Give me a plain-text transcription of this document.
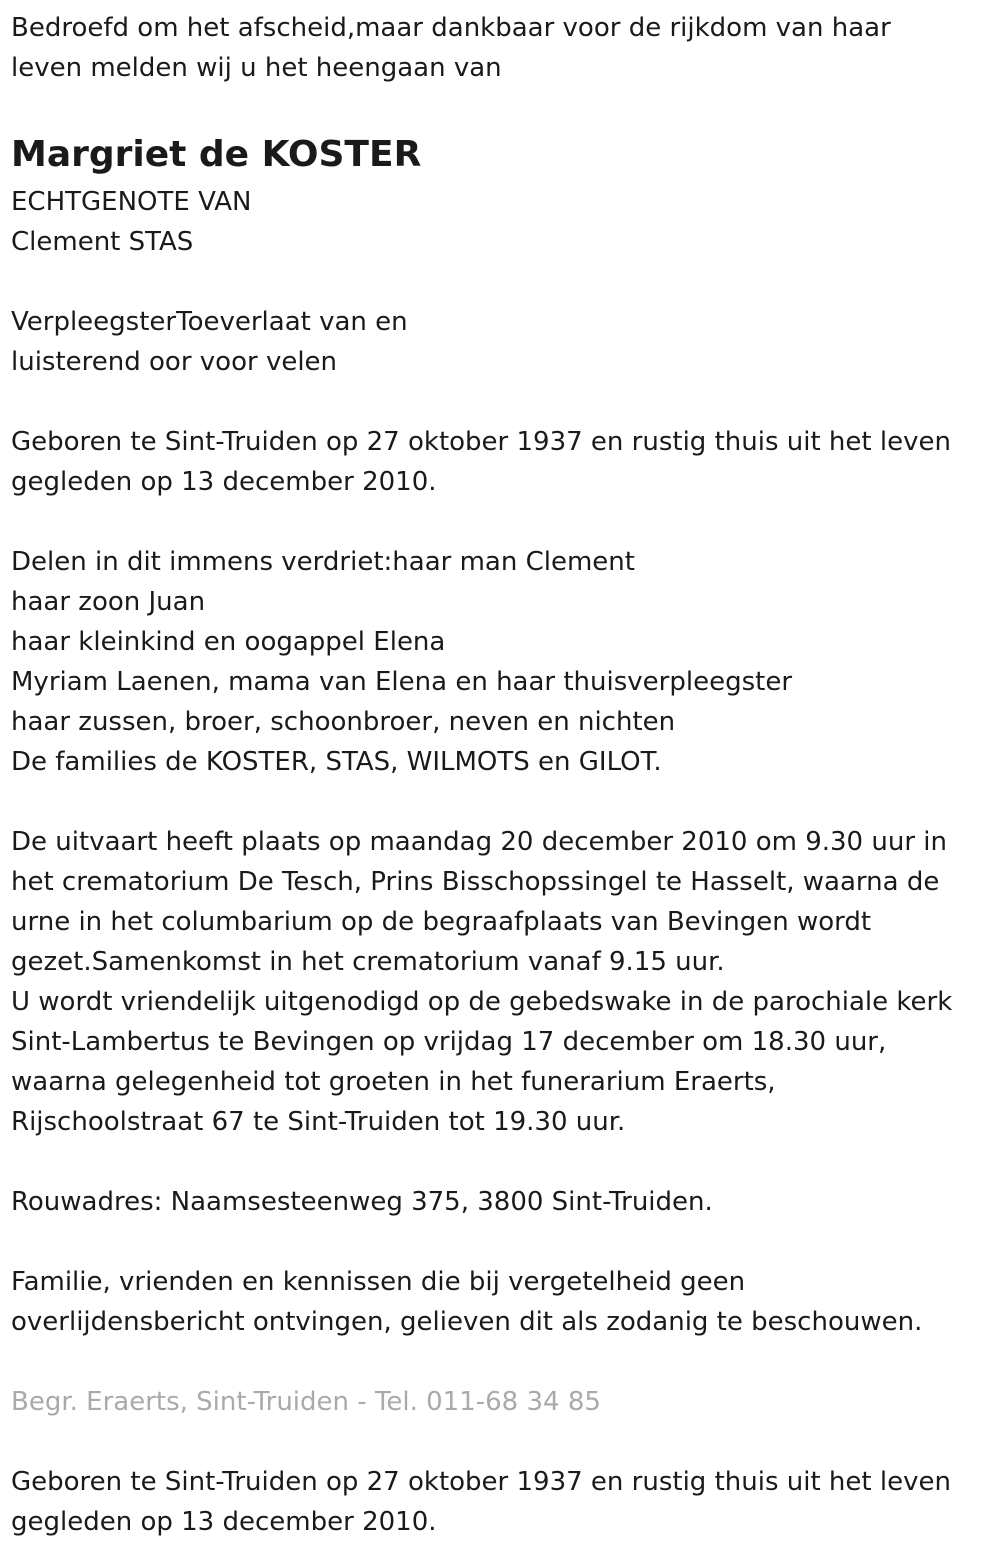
Bedroefd om het afscheid,maar dankbaar voor de rijkdom van haar
leven melden wij u het heengaan van
Margriet de KOSTER
ECHTGENOTE VAN
Clement STAS
VerpleegsterToeverlaat van en
luisterend oor voor velen
Geboren te Sint-Truiden op 27 oktober 1937 en rustig thuis uit het leven
gegleden op 13 december 2010.
Delen in dit immens verdriet:haar man Clement
haar zoon Juan
haar kleinkind en oogappel Elena
Myriam Laenen, mama van Elena en haar thuisverpleegster
haar zussen, broer, schoonbroer, neven en nichten
De families de KOSTER, STAS, WILMOTS en GILOT.
De uitvaart heeft plaats op maandag 20 december 2010 om 9.30 uur in
het crematorium De Tesch, Prins Bisschopssingel te Hasselt, waarna de
urne in het columbarium op de begraafplaats van Bevingen wordt
gezet.Samenkomst in het crematorium vanaf 9.15 uur.
U wordt vriendelijk uitgenodigd op de gebedswake in de parochiale kerk
Sint-Lambertus te Bevingen op vrijdag 17 december om 18.30 uur,
waarna gelegenheid tot groeten in het funerarium Eraerts,
Rijschoolstraat 67 te Sint-Truiden tot 19.30 uur.
Rouwadres: Naamsesteenweg 375, 3800 Sint-Truiden.
Familie, vrienden en kennissen die bij vergetelheid geen
overlijdensbericht ontvingen, gelieven dit als zodanig te beschouwen.
Begr. Eraerts, Sint-Truiden - Tel. 011-68 34 85
Geboren te Sint-Truiden op 27 oktober 1937 en rustig thuis uit het leven
gegleden op 13 december 2010.
